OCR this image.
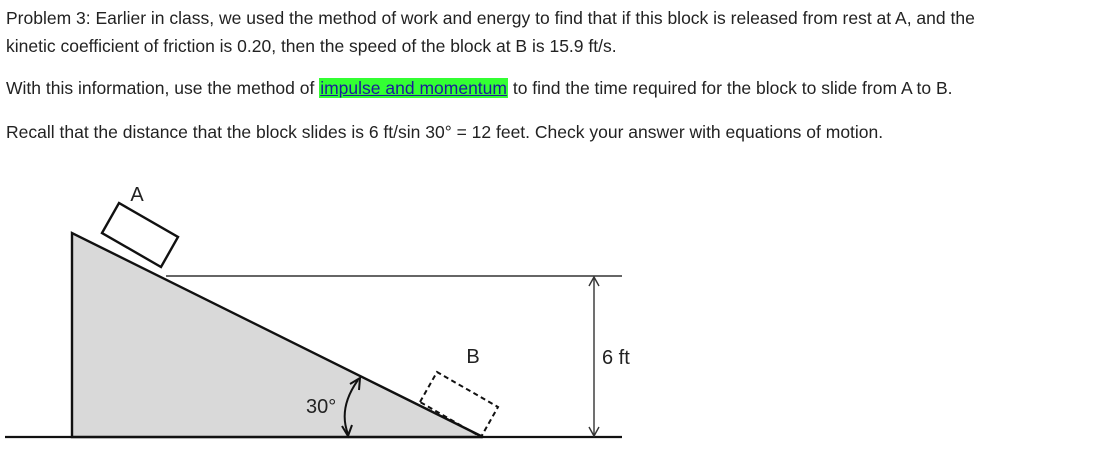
Problem 3: Earlier in class, we used the method of work and energy to find that if this block is released from rest at A, and the
kinetic coefficient of friction is 0.20, then the speed of the block at B is 15.9 ft/s.

With this information, use the method of impulse and momentum to find the time required for the block to slide from A to B.

Recall that the distance that the block slides is 6 ft/sin 30° = 12 feet. Check your answer with equations of motion.

A
6 ft
B
30°
